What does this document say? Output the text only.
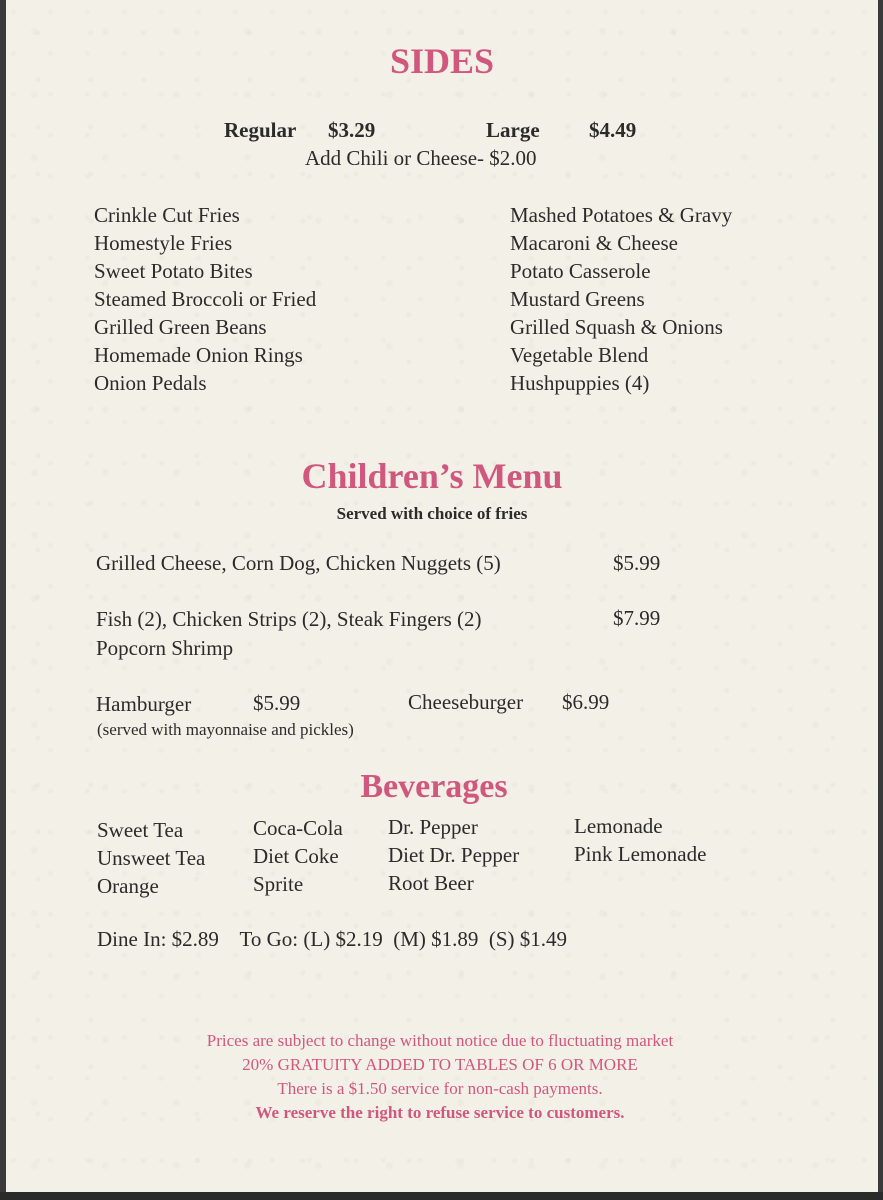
SIDES
Regular $3.29	Large $4.49
Add Chili or Cheese- $2.00
Crinkle Cut Fries
Homestyle Fries
Sweet Potato Bites
Steamed Broccoli or Fried
Grilled Green Beans
Homemade Onion Rings
Onion Pedals
Mashed Potatoes & Gravy
Macaroni & Cheese
Potato Casserole
Mustard Greens
Grilled Squash & Onions
Vegetable Blend
Hushpuppies (4)
Children’s Menu
Served with choice of fries
Grilled Cheese, Corn Dog, Chicken Nuggets (5)	$5.99
Fish (2), Chicken Strips (2), Steak Fingers (2)	$7.99
Popcorn Shrimp
Hamburger	$5.99	Cheeseburger $6.99
(served with mayonnaise and pickles)
Beverages
Sweet Tea
Unsweet Tea
Orange
Coca-Cola
Diet Coke
Sprite
Dr. Pepper
Diet Dr. Pepper
Root Beer
Lemonade
Pink Lemonade
Dine In: $2.89    To Go: (L) $2.19  (M) $1.89  (S) $1.49
Prices are subject to change without notice due to fluctuating market
20% GRATUITY ADDED TO TABLES OF 6 OR MORE
There is a $1.50 service for non-cash payments.
We reserve the right to refuse service to customers.
